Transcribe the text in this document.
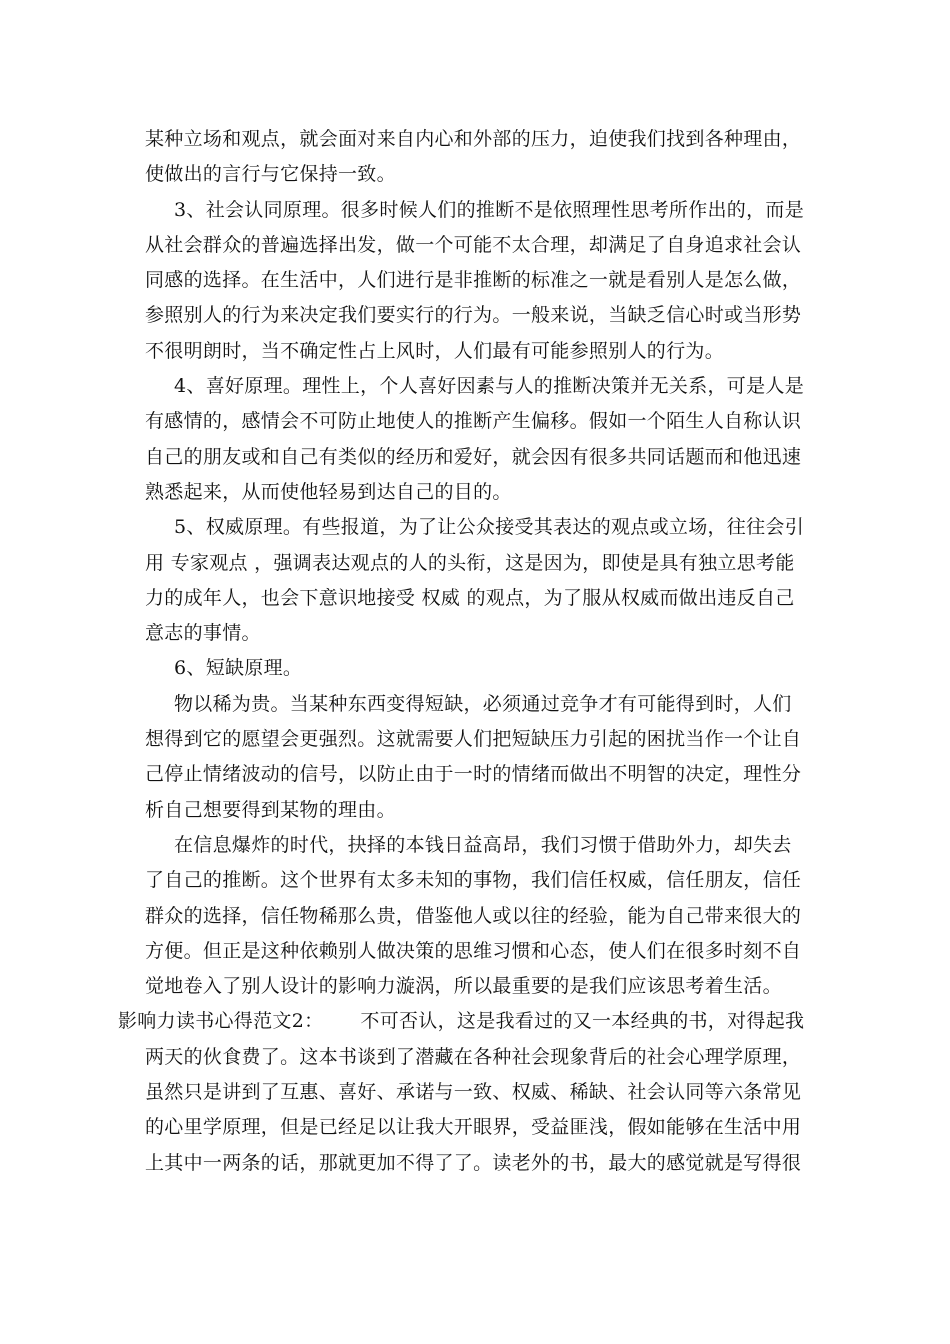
某种立场和观点，就会面对来自内心和外部的压力，迫使我们找到各种理由，使做出的言行与它保持一致。

3、社会认同原理。很多时候人们的推断不是依照理性思考所作出的，而是从社会群众的普遍选择出发，做一个可能不太合理，却满足了自身追求社会认同感的选择。在生活中，人们进行是非推断的标准之一就是看别人是怎么做，参照别人的行为来决定我们要实行的行为。一般来说，当缺乏信心时或当形势不很明朗时，当不确定性占上风时，人们最有可能参照别人的行为。

4、喜好原理。理性上，个人喜好因素与人的推断决策并无关系，可是人是有感情的，感情会不可防止地使人的推断产生偏移。假如一个陌生人自称认识自己的朋友或和自己有类似的经历和爱好，就会因有很多共同话题而和他迅速熟悉起来，从而使他轻易到达自己的目的。

5、权威原理。有些报道，为了让公众接受其表达的观点或立场，往往会引用 专家观点 ，强调表达观点的人的头衔，这是因为，即使是具有独立思考能力的成年人，也会下意识地接受 权威 的观点，为了服从权威而做出违反自己意志的事情。

6、短缺原理。

物以稀为贵。当某种东西变得短缺，必须通过竞争才有可能得到时，人们想得到它的愿望会更强烈。这就需要人们把短缺压力引起的困扰当作一个让自己停止情绪波动的信号，以防止由于一时的情绪而做出不明智的决定，理性分析自己想要得到某物的理由。

在信息爆炸的时代，抉择的本钱日益高昂，我们习惯于借助外力，却失去了自己的推断。这个世界有太多未知的事物，我们信任权威，信任朋友，信任群众的选择，信任物稀那么贵，借鉴他人或以往的经验，能为自己带来很大的方便。但正是这种依赖别人做决策的思维习惯和心态，使人们在很多时刻不自觉地卷入了别人设计的影响力漩涡，所以最重要的是我们应该思考着生活。

影响力读书心得范文2： 不可否认，这是我看过的又一本经典的书，对得起我两天的伙食费了。这本书谈到了潜藏在各种社会现象背后的社会心理学原理，虽然只是讲到了互惠、喜好、承诺与一致、权威、稀缺、社会认同等六条常见的心里学原理，但是已经足以让我大开眼界，受益匪浅，假如能够在生活中用上其中一两条的话，那就更加不得了了。读老外的书，最大的感觉就是写得很
